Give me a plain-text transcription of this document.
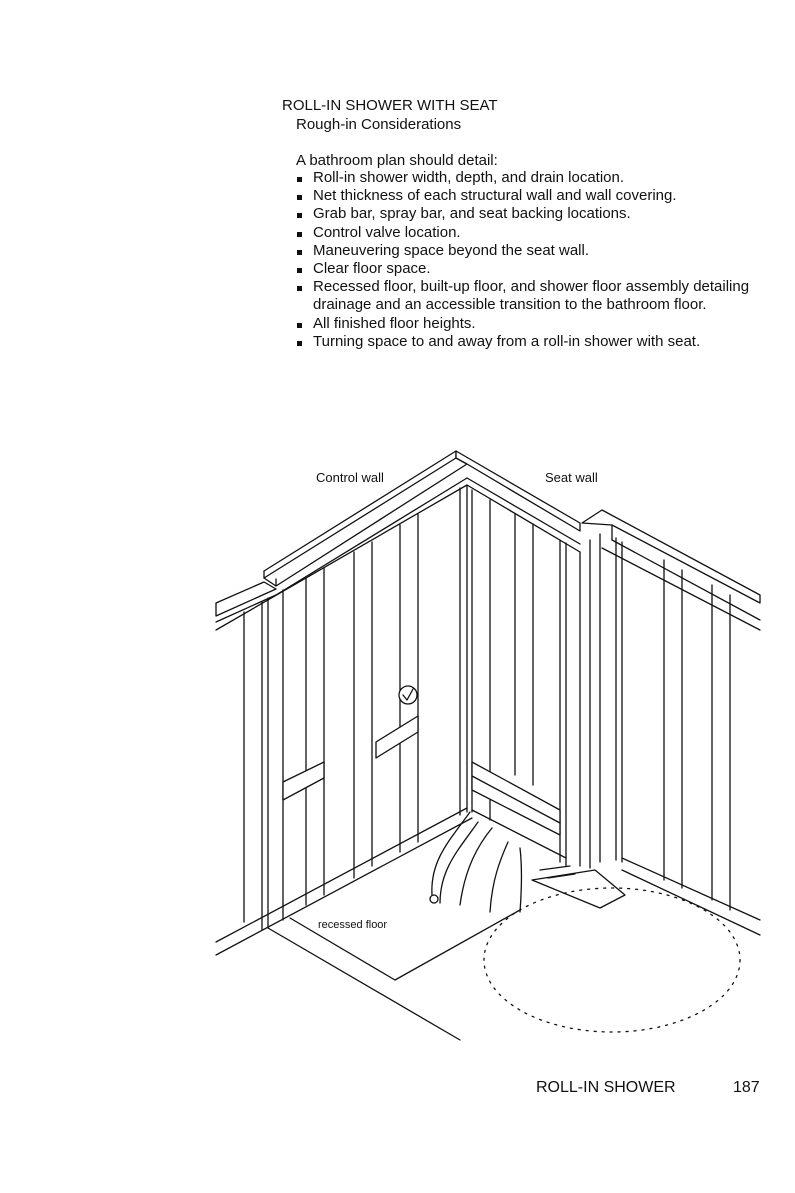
ROLL-IN SHOWER WITH SEAT
Rough-in Considerations
A bathroom plan should detail:
Roll-in shower width, depth, and drain location.
Net thickness of each structural wall and wall covering.
Grab bar, spray bar, and seat backing locations.
Control valve location.
Maneuvering space beyond the seat wall.
Clear floor space.
Recessed floor, built-up floor, and shower floor assembly detailing drainage and an accessible transition to the bathroom floor.
All finished floor heights.
Turning space to and away from a roll-in shower with seat.
Control wall	Seat wall
recessed floor
ROLL-IN SHOWER	187
